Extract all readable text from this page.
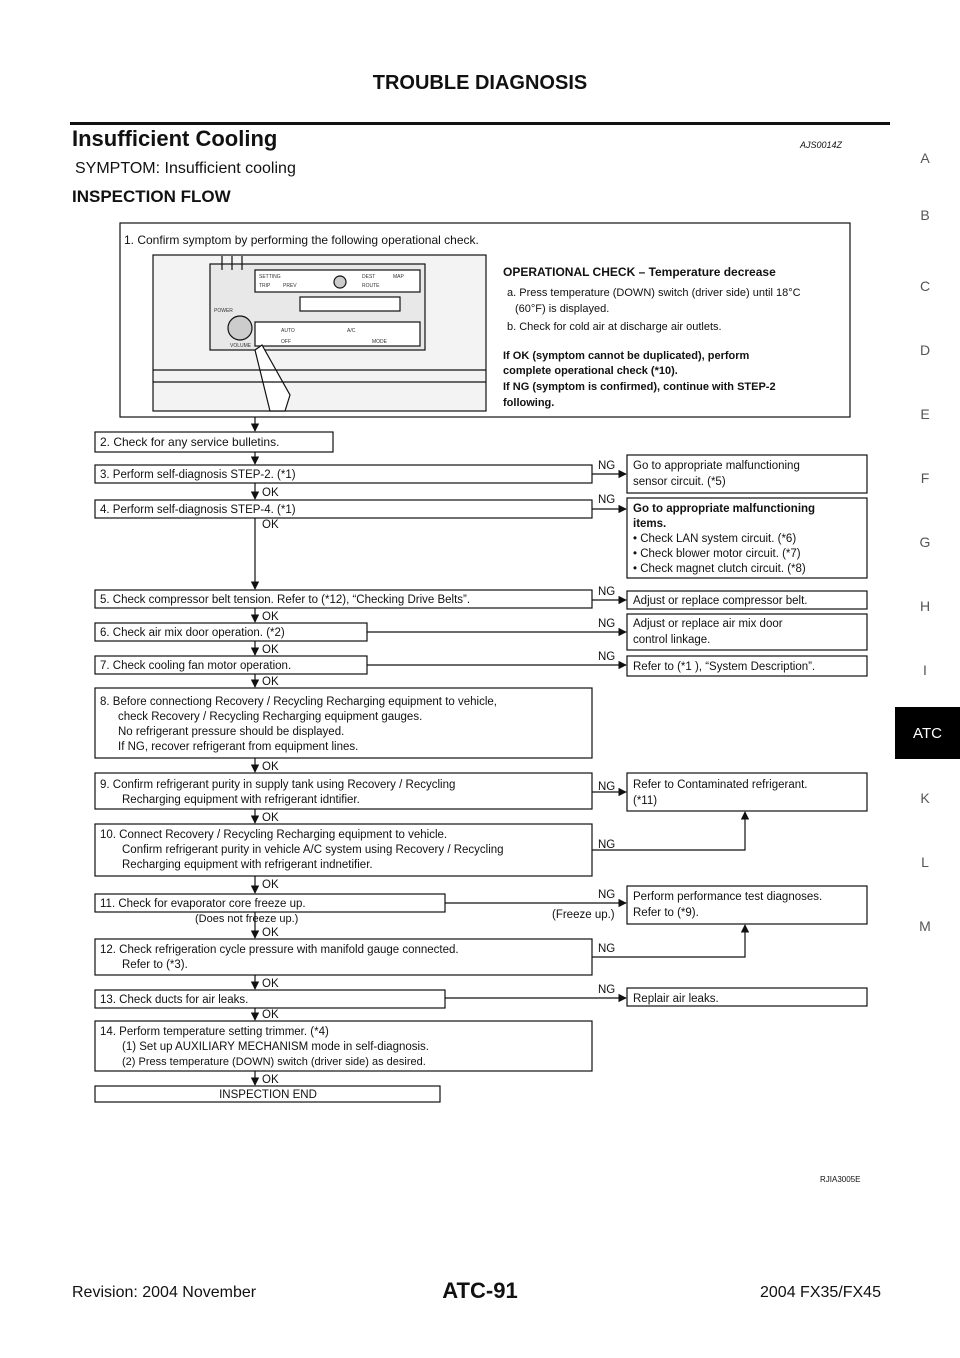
TROUBLE DIAGNOSIS
Insufficient Cooling	AJS0014Z
SYMPTOM: Insufficient cooling
INSPECTION FLOW
A
B
C
D
E
F
G
H
I
ATC
K
L
M
1. Confirm symptom by performing the following operational check.
OPERATIONAL CHECK – Temperature decrease
a. Press temperature (DOWN) switch (driver side) until 18°C
(60°F) is displayed.
b. Check for cold air at discharge air outlets.
If OK (symptom cannot be duplicated), perform
complete operational check (*10).
If NG (symptom is confirmed), continue with STEP-2
following.
2. Check for any service bulletins.
3. Perform self-diagnosis STEP-2. (*1)
Go to appropriate malfunctioning
sensor circuit. (*5)
NG
OK
4. Perform self-diagnosis STEP-4. (*1)
NG
OK
Go to appropriate malfunctioning
items.
• Check LAN system circuit. (*6)
• Check blower motor circuit. (*7)
• Check magnet clutch circuit. (*8)
5. Check compressor belt tension. Refer to (*12), “Checking Drive Belts”.
NG
Adjust or replace compressor belt.
OK
6. Check air mix door operation. (*2)
NG Adjust or replace air mix door
control linkage.
OK
7. Check cooling fan motor operation.
NG
Refer to (*1 ), “System Description”.
OK
8. Before connectiong Recovery / Recycling Recharging equipment to vehicle,
check Recovery / Recycling Recharging equipment gauges.
No refrigerant pressure should be displayed.
If NG, recover refrigerant from equipment lines.
OK
9. Confirm refrigerant purity in supply tank using Recovery / Recycling
Recharging equipment with refrigerant idntifier.
NG Refer to Contaminated refrigerant.
(*11)
OK
10. Connect Recovery / Recycling Recharging equipment to vehicle.
Confirm refrigerant purity in vehicle A/C system using Recovery / Recycling
Recharging equipment with refrigerant indnetifier.
NG
OK
11. Check for evaporator core freeze up.
(Does not freeze up.)
NG
(Freeze up.)
Perform performance test diagnoses.
Refer to (*9).
OK
12. Check refrigeration cycle pressure with manifold gauge connected.
Refer to (*3).
NG
OK
13. Check ducts for air leaks.
NG
Replair air leaks.
OK
14. Perform temperature setting trimmer. (*4)
(1) Set up AUXILIARY MECHANISM mode in self-diagnosis.
(2) Press temperature (DOWN) switch (driver side) as desired.
OK
INSPECTION END
SETTING
TRIP	PREV
DEST
ROUTE
MAP
AUTO
OFF
A/C
MODE
POWER
VOLUME
RJIA3005E
Revision: 2004 November	ATC-91	2004 FX35/FX45
